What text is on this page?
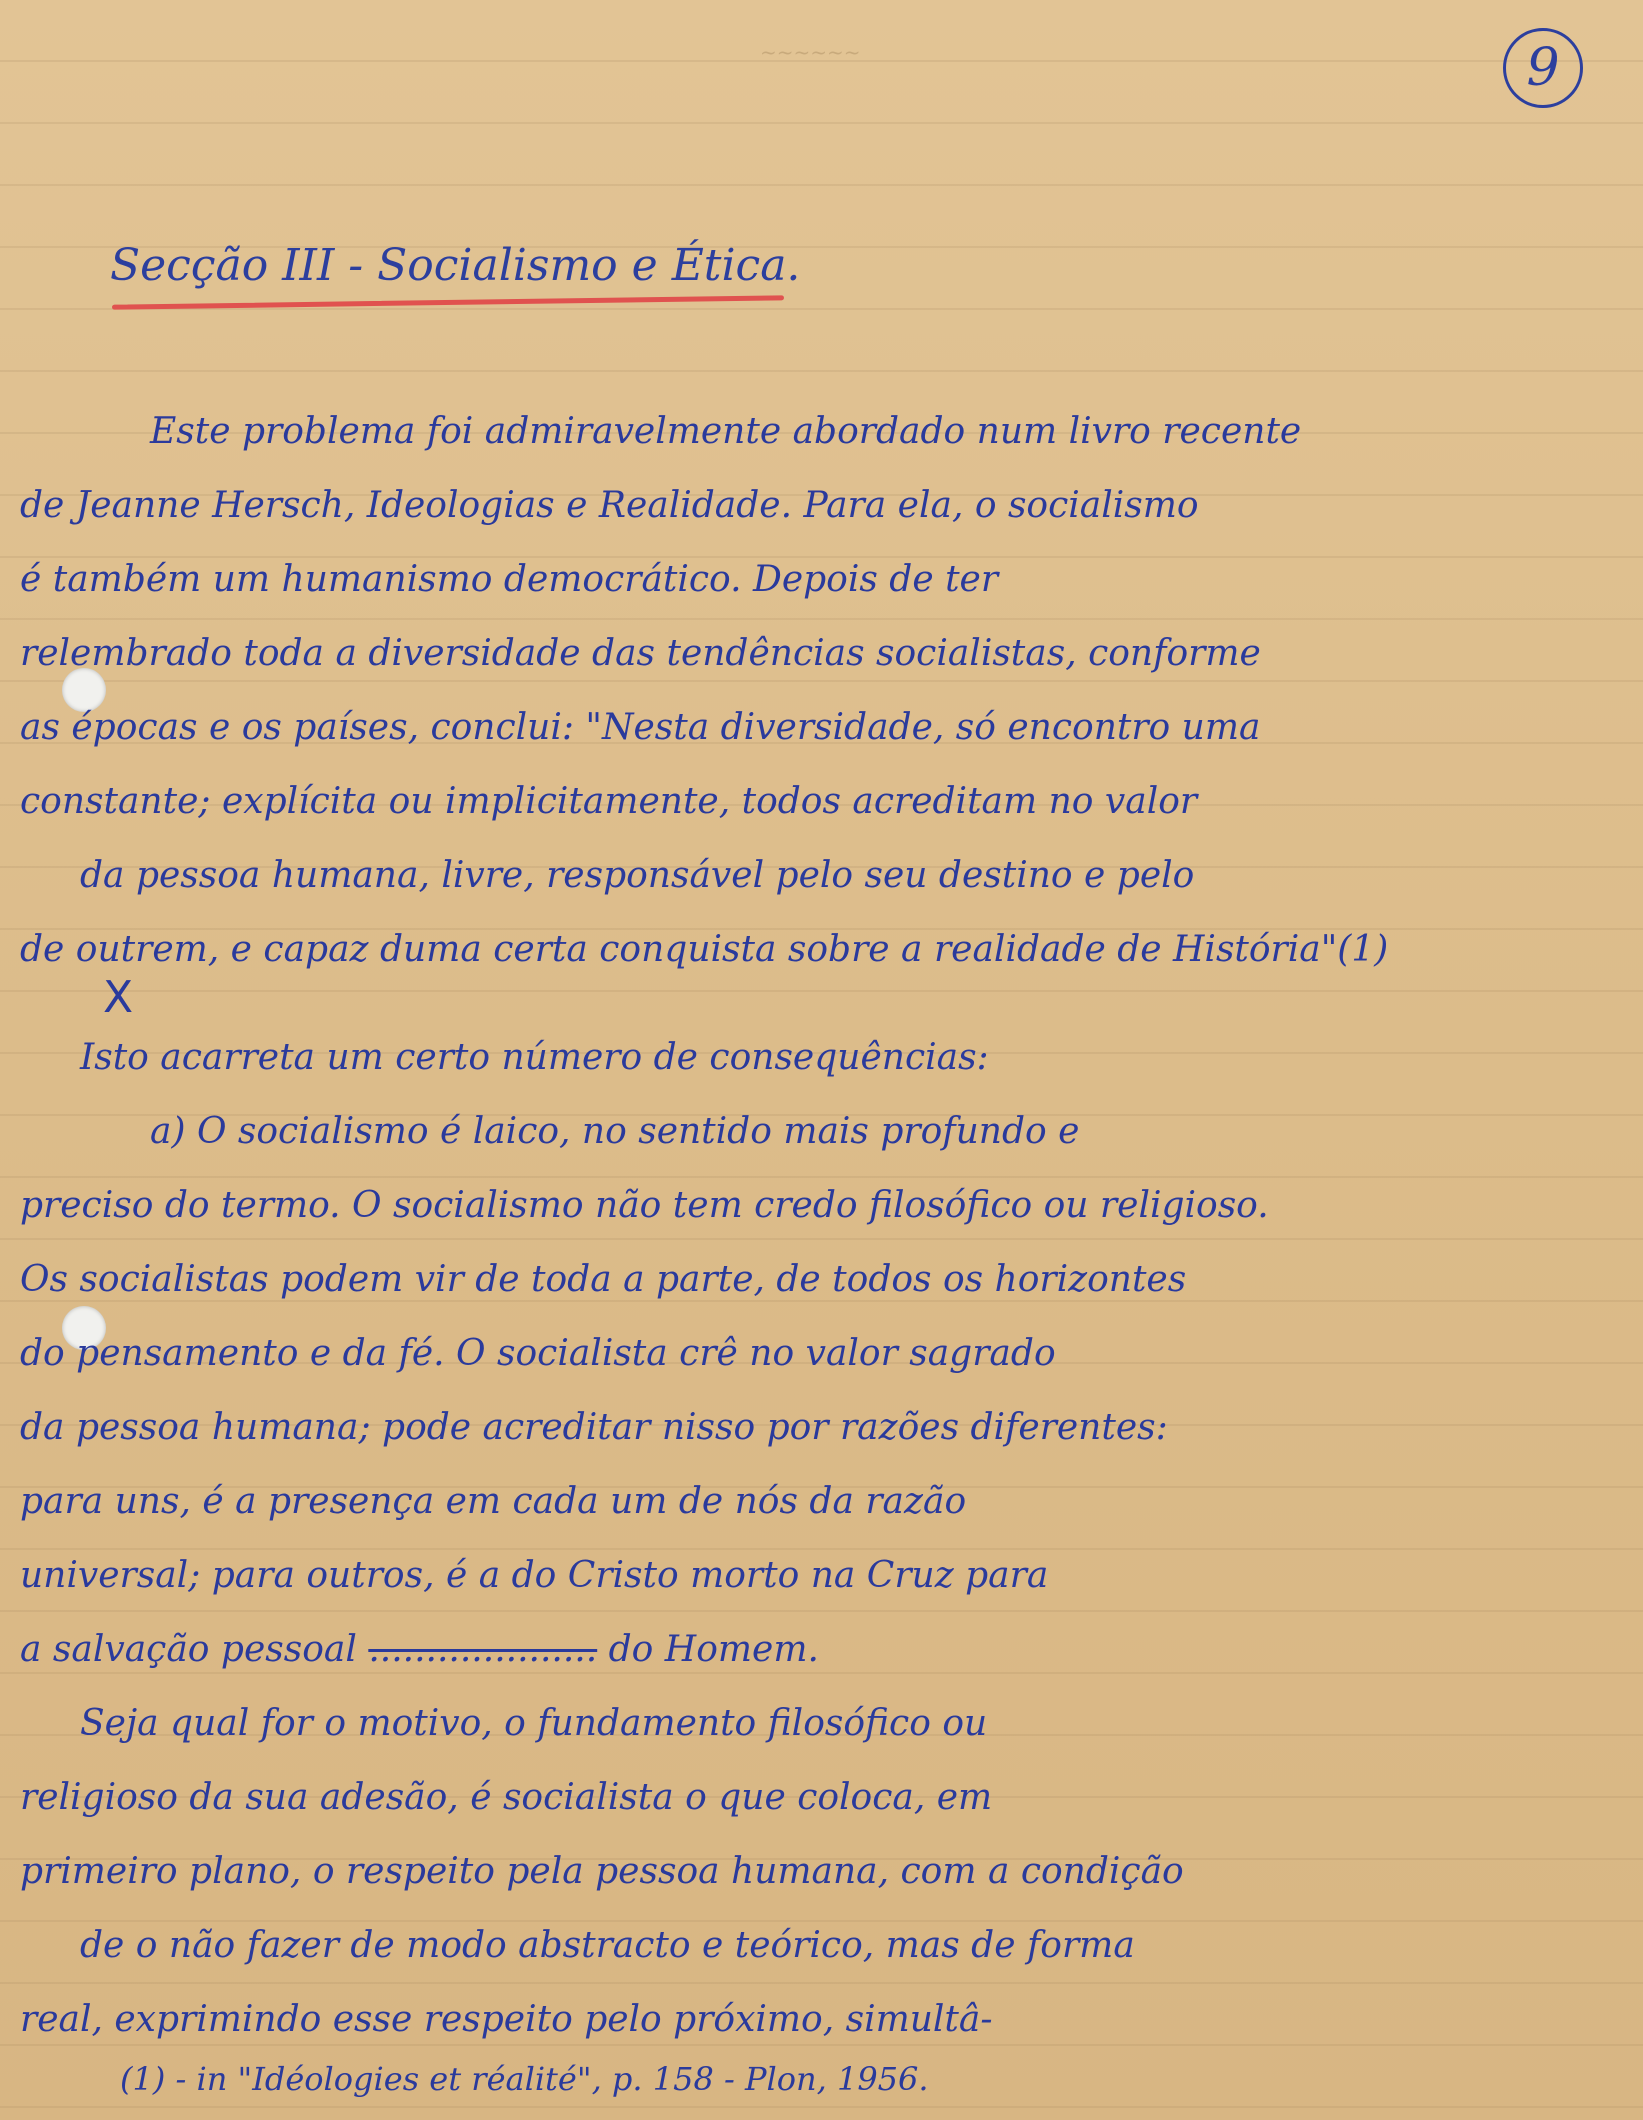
~~~~~~	9
Secção III - Socialismo e Ética.
X
Este problema foi admiravelmente abordado num livro recente
de Jeanne Hersch, Ideologias e Realidade. Para ela, o socialismo
é também um humanismo democrático. Depois de ter
relembrado toda a diversidade das tendências socialistas, conforme
as épocas e os países, conclui: "Nesta diversidade, só encontro uma
constante; explícita ou implicitamente, todos acreditam no valor
da pessoa humana, livre, responsável pelo seu destino e pelo
de outrem, e capaz duma certa conquista sobre a realidade de História"(1)
Isto acarreta um certo número de consequências:
a) O socialismo é laico, no sentido mais profundo e
preciso do termo. O socialismo não tem credo filosófico ou religioso.
Os socialistas podem vir de toda a parte, de todos os horizontes
do pensamento e da fé. O socialista crê no valor sagrado
da pessoa humana; pode acreditar nisso por razões diferentes:
para uns, é a presença em cada um de nós da razão
universal; para outros, é a do Cristo morto na Cruz para
a salvação pessoal .................... do Homem.
Seja qual for o motivo, o fundamento filosófico ou
religioso da sua adesão, é socialista o que coloca, em
primeiro plano, o respeito pela pessoa humana, com a condição
de o não fazer de modo abstracto e teórico, mas de forma
real, exprimindo esse respeito pelo próximo, simultâ-
(1) - in "Idéologies et réalité", p. 158 - Plon, 1956.
